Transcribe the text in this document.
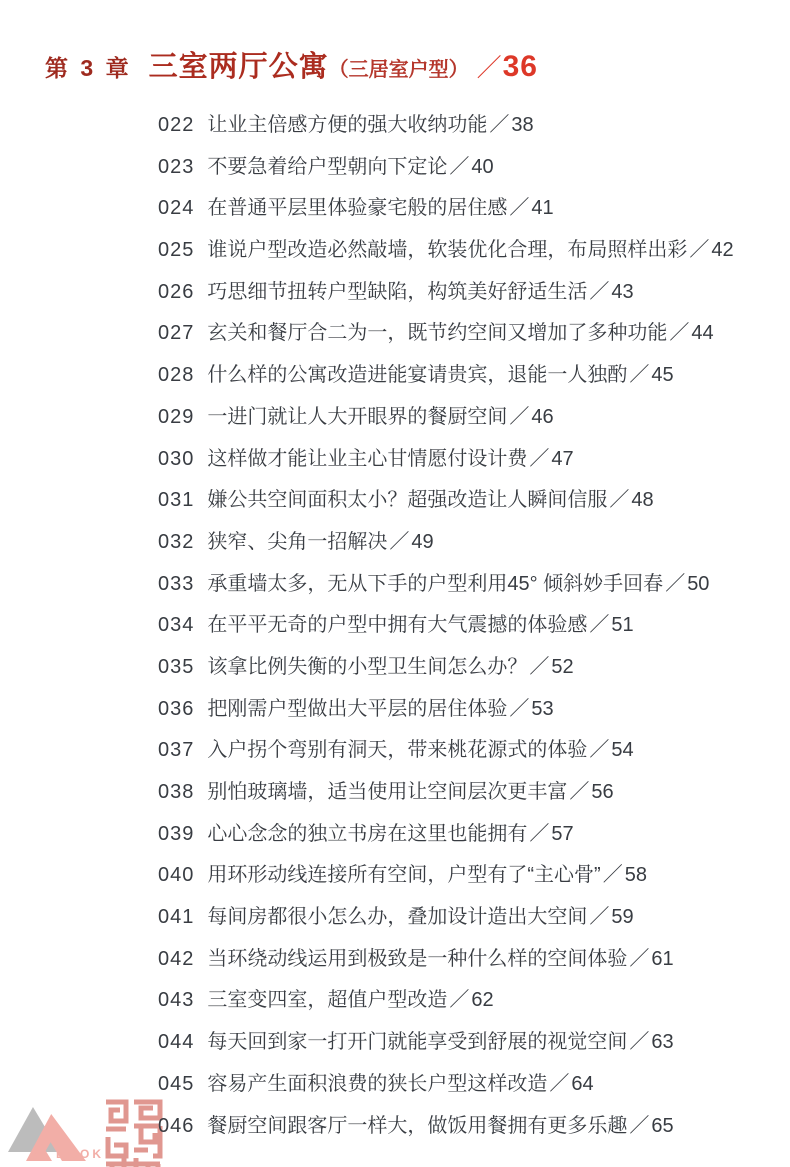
第 3 章 三室两厅公寓（三居室户型） ／36
022 让业主倍感方便的强大收纳功能 ／ 38
023 不要急着给户型朝向下定论 ／ 40
024 在普通平层里体验豪宅般的居住感 ／ 41
025 谁说户型改造必然敲墙，软装优化合理，布局照样出彩 ／ 42
026 巧思细节扭转户型缺陷，构筑美好舒适生活 ／ 43
027 玄关和餐厅合二为一，既节约空间又增加了多种功能 ／ 44
028 什么样的公寓改造进能宴请贵宾，退能一人独酌 ／ 45
029 一进门就让人大开眼界的餐厨空间 ／ 46
030 这样做才能让业主心甘情愿付设计费 ／ 47
031 嫌公共空间面积太小？超强改造让人瞬间信服 ／ 48
032 狭窄、尖角一招解决 ／ 49
033 承重墙太多，无从下手的户型利用45° 倾斜妙手回春 ／ 50
034 在平平无奇的户型中拥有大气震撼的体验感 ／ 51
035 该拿比例失衡的小型卫生间怎么办？ ／ 52
036 把刚需户型做出大平层的居住体验 ／ 53
037 入户拐个弯别有洞天，带来桃花源式的体验 ／ 54
038 别怕玻璃墙，适当使用让空间层次更丰富 ／ 56
039 心心念念的独立书房在这里也能拥有 ／ 57
040 用环形动线连接所有空间，户型有了“主心骨” ／ 58
041 每间房都很小怎么办，叠加设计造出大空间 ／ 59
042 当环绕动线运用到极致是一种什么样的空间体验 ／ 61
043 三室变四室，超值户型改造 ／ 62
044 每天回到家一打开门就能享受到舒展的视觉空间 ／ 63
045 容易产生面积浪费的狭长户型这样改造 ／ 64
046 餐厨空间跟客厅一样大，做饭用餐拥有更多乐趣 ／ 65
BOOK
